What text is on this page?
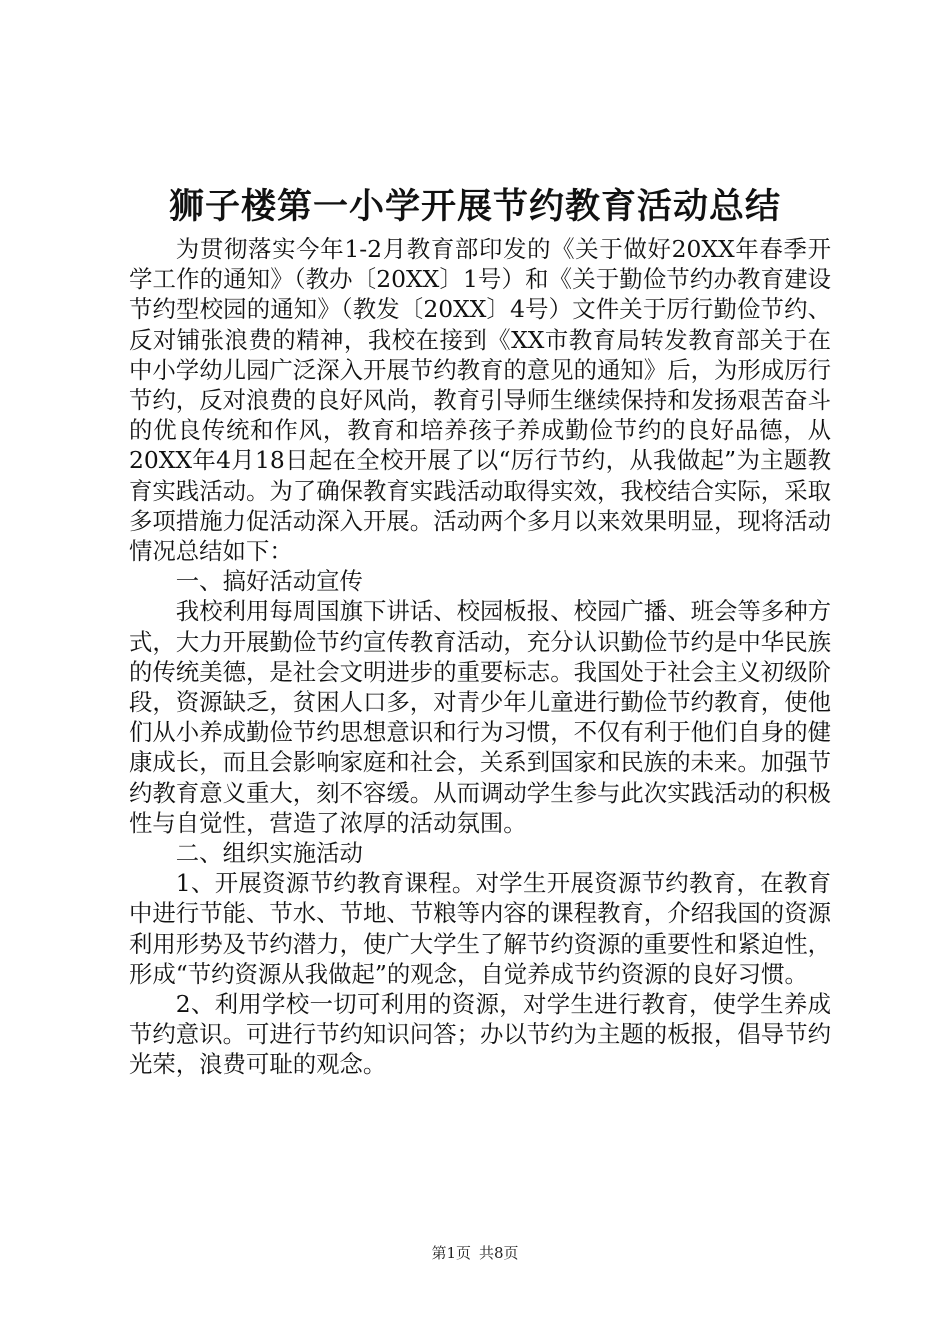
狮子楼第一小学开展节约教育活动总结

为贯彻落实今年1-2月教育部印发的《关于做好20XX年春季开学工作的通知》（教办〔20XX〕1号）和《关于勤俭节约办教育建设节约型校园的通知》（教发〔20XX〕4号）文件关于厉行勤俭节约、反对铺张浪费的精神，我校在接到《XX市教育局转发教育部关于在中小学幼儿园广泛深入开展节约教育的意见的通知》后，为形成厉行节约，反对浪费的良好风尚，教育引导师生继续保持和发扬艰苦奋斗的优良传统和作风，教育和培养孩子养成勤俭节约的良好品德，从20XX年4月18日起在全校开展了以“厉行节约，从我做起”为主题教育实践活动。为了确保教育实践活动取得实效，我校结合实际，采取多项措施力促活动深入开展。活动两个多月以来效果明显，现将活动情况总结如下：

一、搞好活动宣传

我校利用每周国旗下讲话、校园板报、校园广播、班会等多种方式，大力开展勤俭节约宣传教育活动，充分认识勤俭节约是中华民族的传统美德，是社会文明进步的重要标志。我国处于社会主义初级阶段，资源缺乏，贫困人口多，对青少年儿童进行勤俭节约教育，使他们从小养成勤俭节约思想意识和行为习惯，不仅有利于他们自身的健康成长，而且会影响家庭和社会，关系到国家和民族的未来。加强节约教育意义重大，刻不容缓。从而调动学生参与此次实践活动的积极性与自觉性，营造了浓厚的活动氛围。

二、组织实施活动

1、开展资源节约教育课程。对学生开展资源节约教育，在教育中进行节能、节水、节地、节粮等内容的课程教育，介绍我国的资源利用形势及节约潜力，使广大学生了解节约资源的重要性和紧迫性，形成“节约资源从我做起”的观念，自觉养成节约资源的良好习惯。

2、利用学校一切可利用的资源，对学生进行教育，使学生养成节约意识。可进行节约知识问答；办以节约为主题的板报，倡导节约光荣，浪费可耻的观念。

第1页 共8页
